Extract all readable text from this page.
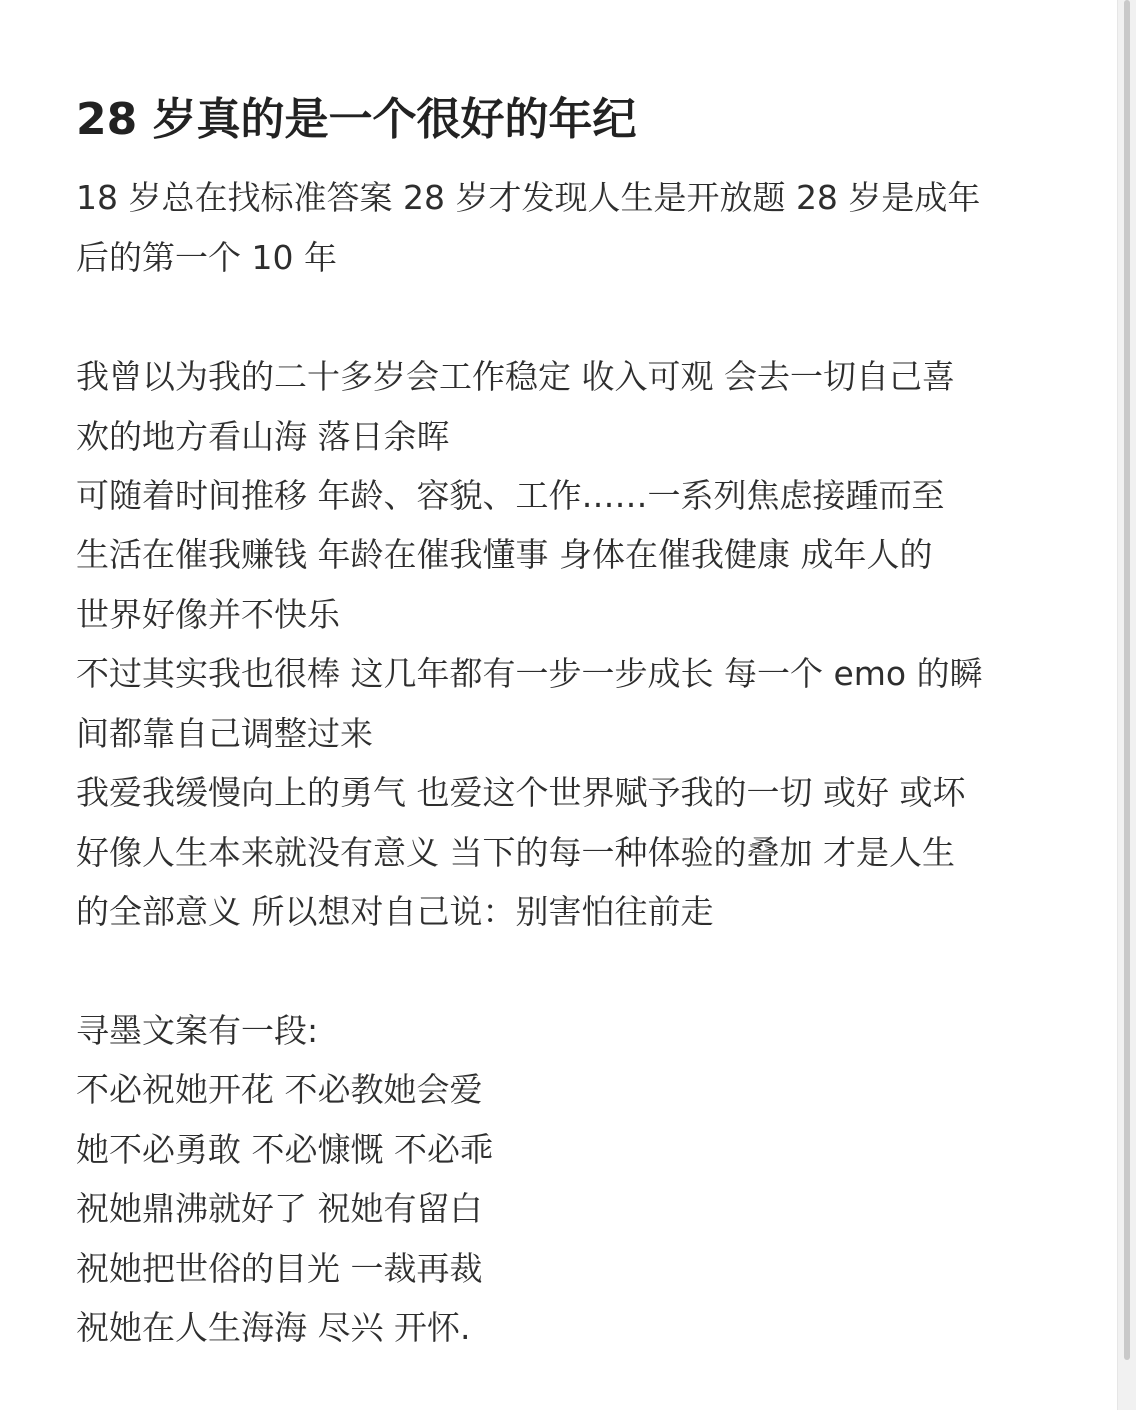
28 岁真的是一个很好的年纪

18 岁总在找标准答案 28 岁才发现人生是开放题 28 岁是成年

后的第一个 10 年

我曾以为我的二十多岁会工作稳定 收入可观 会去一切自己喜

欢的地方看山海 落日余晖

可随着时间推移 年龄、容貌、工作……一系列焦虑接踵而至

生活在催我赚钱 年龄在催我懂事 身体在催我健康 成年人的

世界好像并不快乐

不过其实我也很棒 这几年都有一步一步成长 每一个 emo 的瞬

间都靠自己调整过来

我爱我缓慢向上的勇气 也爱这个世界赋予我的一切 或好 或坏

好像人生本来就没有意义 当下的每一种体验的叠加 才是人生

的全部意义 所以想对自己说：别害怕往前走

寻墨文案有一段:

不必祝她开花 不必教她会爱

她不必勇敢 不必慷慨 不必乖

祝她鼎沸就好了 祝她有留白

祝她把世俗的目光 一裁再裁

祝她在人生海海 尽兴 开怀.
